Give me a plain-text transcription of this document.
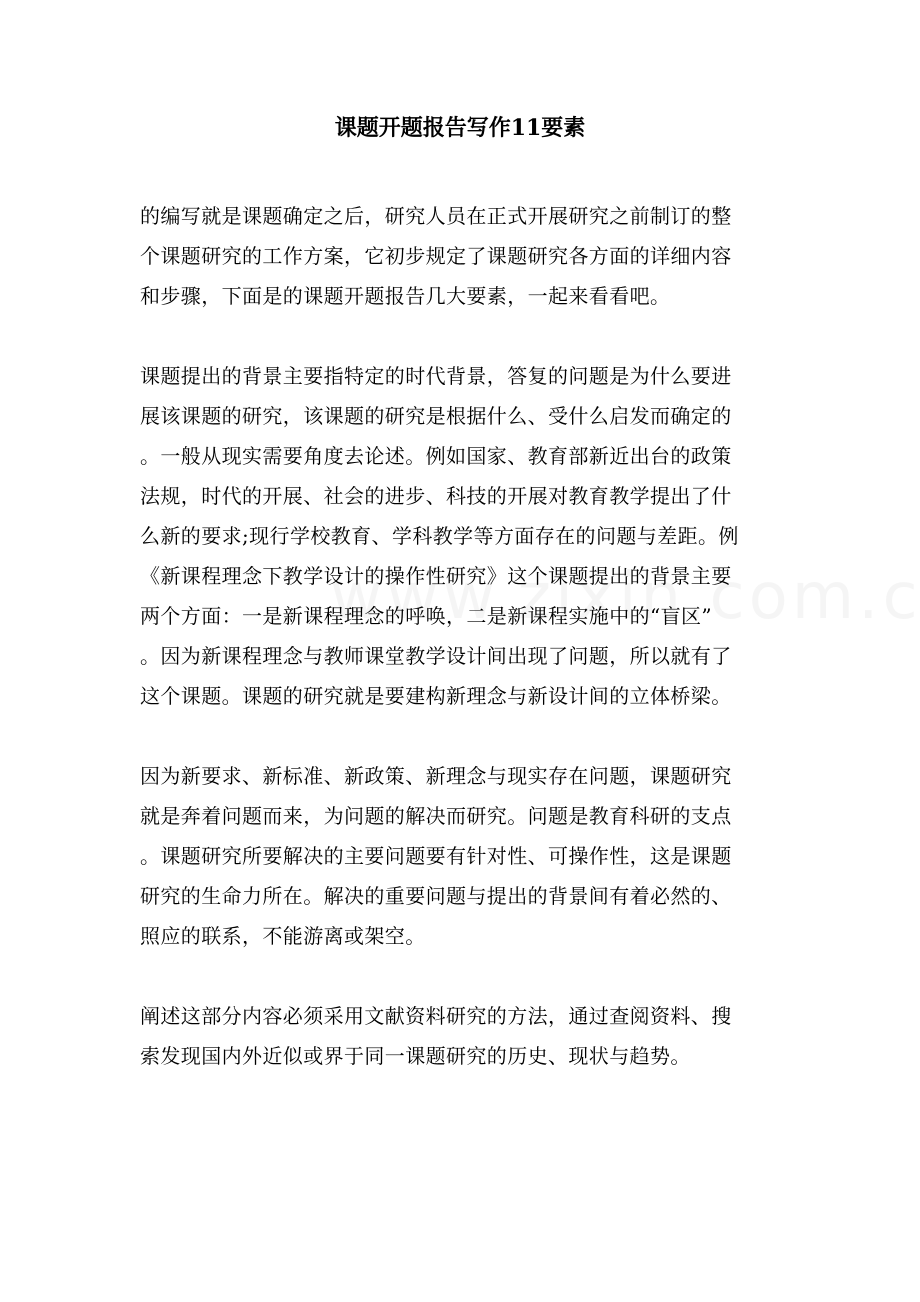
课题开题报告写作11要素

的编写就是课题确定之后，研究人员在正式开展研究之前制订的整
个课题研究的工作方案，它初步规定了课题研究各方面的详细内容
和步骤，下面是的课题开题报告几大要素，一起来看看吧。

课题提出的背景主要指特定的时代背景，答复的问题是为什么要进
展该课题的研究，该课题的研究是根据什么、受什么启发而确定的
。一般从现实需要角度去论述。例如国家、教育部新近出台的政策
法规，时代的开展、社会的进步、科技的开展对教育教学提出了什
么新的要求;现行学校教育、学科教学等方面存在的问题与差距。例
《新课程理念下教学设计的操作性研究》这个课题提出的背景主要
两个方面：一是新课程理念的呼唤，二是新课程实施中的“盲区”
。因为新课程理念与教师课堂教学设计间出现了问题，所以就有了
这个课题。课题的研究就是要建构新理念与新设计间的立体桥梁。

因为新要求、新标准、新政策、新理念与现实存在问题，课题研究
就是奔着问题而来，为问题的解决而研究。问题是教育科研的支点
。课题研究所要解决的主要问题要有针对性、可操作性，这是课题
研究的生命力所在。解决的重要问题与提出的背景间有着必然的、
照应的联系，不能游离或架空。

阐述这部分内容必须采用文献资料研究的方法，通过查阅资料、搜
索发现国内外近似或界于同一课题研究的历史、现状与趋势。
